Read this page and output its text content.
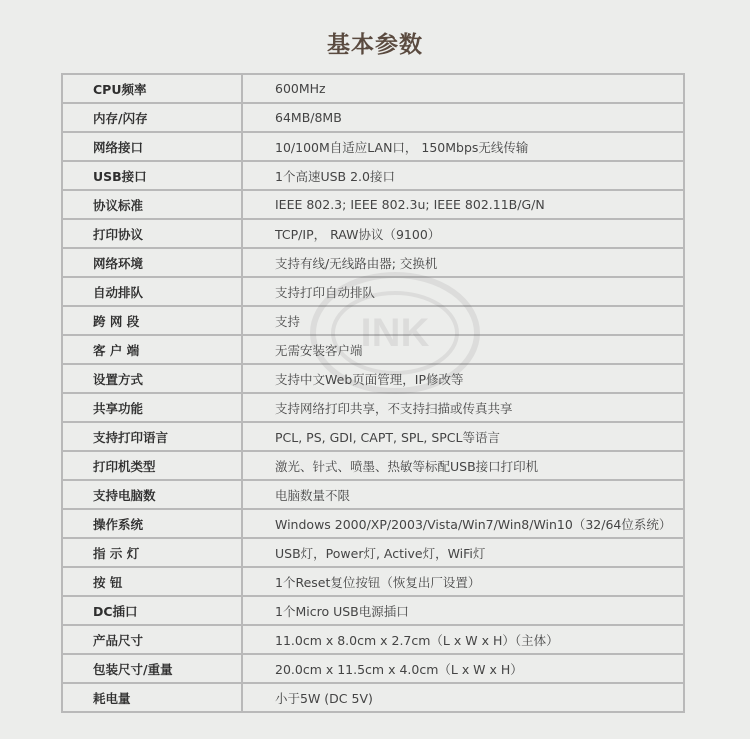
基本参数
CPU频率	600MHz
内存/闪存	64MB/8MB
网络接口	10/100M自适应LAN口， 150Mbps无线传输
USB接口	1个高速USB 2.0接口
协议标准	IEEE 802.3; IEEE 802.3u; IEEE 802.11B/G/N
打印协议	TCP/IP， RAW协议（9100）
网络环境	支持有线/无线路由器; 交换机
自动排队	支持打印自动排队
跨 网 段	支持
客 户 端	无需安装客户端
设置方式	支持中文Web页面管理，IP修改等
共享功能	支持网络打印共享，不支持扫描或传真共享
支持打印语言	PCL, PS, GDI, CAPT, SPL, SPCL等语言
打印机类型	激光、针式、喷墨、热敏等标配USB接口打印机
支持电脑数	电脑数量不限
操作系统	Windows 2000/XP/2003/Vista/Win7/Win8/Win10（32/64位系统）
指 示 灯	USB灯，Power灯, Active灯，WiFi灯
按 钮	1个Reset复位按钮（恢复出厂设置）
DC插口	1个Micro USB电源插口
产品尺寸	11.0cm x 8.0cm x 2.7cm（L x W x H）（主体）
包装尺寸/重量	20.0cm x 11.5cm x 4.0cm（L x W x H）
耗电量	小于5W (DC 5V)
INK
